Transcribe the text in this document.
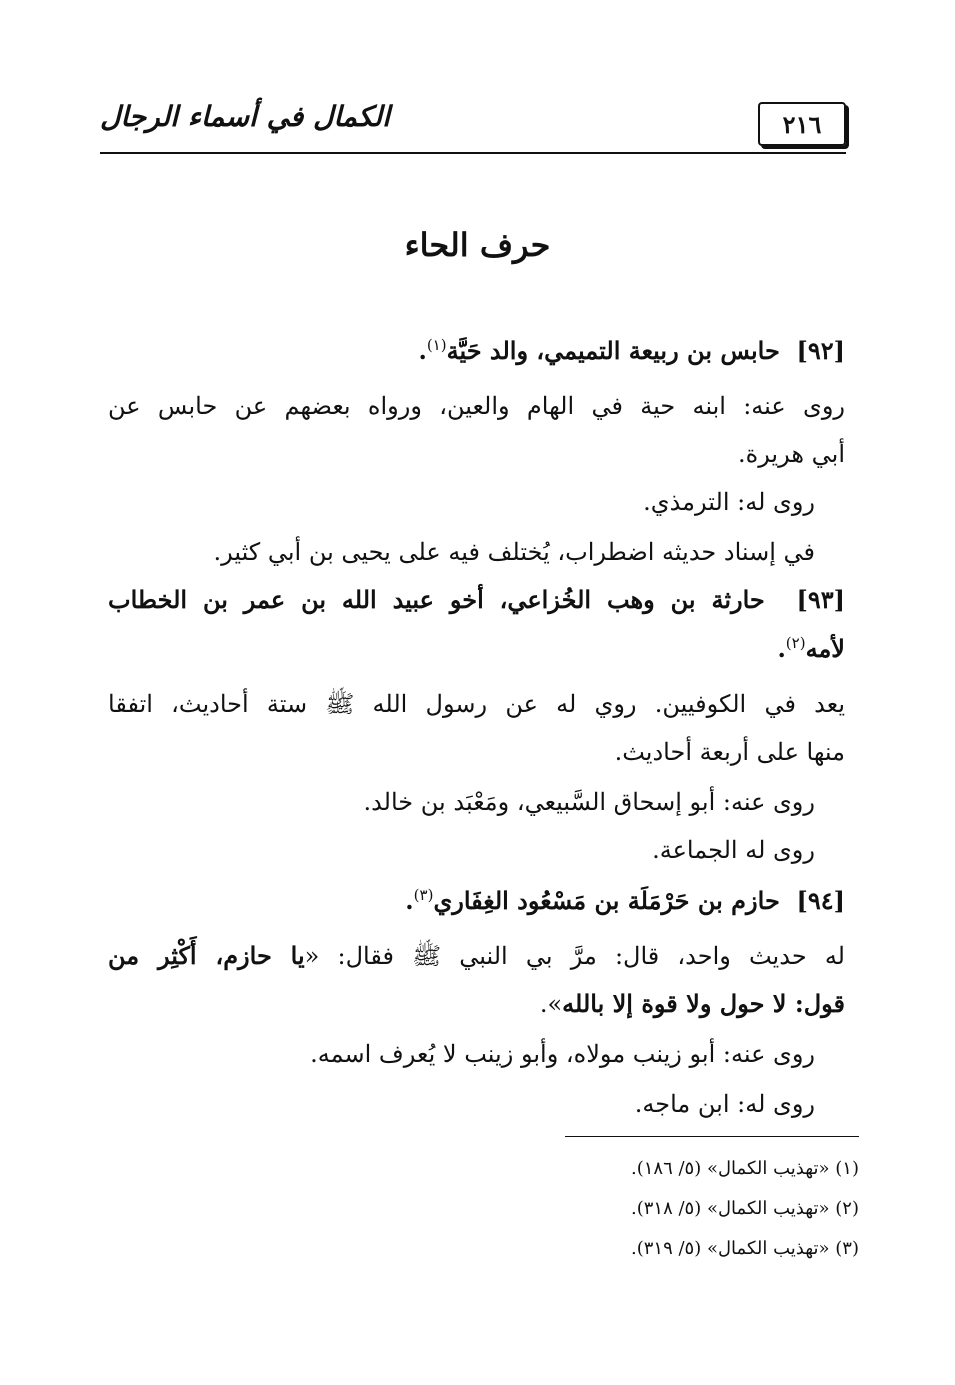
٢١٦
الكمال في أسماء الرجال
حرف الحاء
[٩٢]  حابس بن ربيعة التميمي، والد حَيَّة$^{(١)}$.
روى عنه: ابنه حية في الهام والعين، ورواه بعضهم عن حابس عن
أبي هريرة.
روى له: الترمذي.
في إسناد حديثه اضطراب، يُختلف فيه على يحيى بن أبي كثير.
[٩٣]  حارثة بن وهب الخُزاعي، أخو عبيد الله بن عمر بن الخطاب
لأمه$^{(٢)}$.
يعد في الكوفيين. روي له عن رسول الله ﷺ ستة أحاديث، اتفقا
منها على أربعة أحاديث.
روى عنه: أبو إسحاق السَّبيعي، ومَعْبَد بن خالد.
روى له الجماعة.
[٩٤]  حازم بن حَرْمَلَة بن مَسْعُود الغِفَاري$^{(٣)}$.
له حديث واحد، قال: مرَّ بي النبي ﷺ فقال: «يا حازم، أَكْثِر من
قول: لا حول ولا قوة إلا بالله».
روى عنه: أبو زينب مولاه، وأبو زينب لا يُعرف اسمه.
روى له: ابن ماجه.
(١) «تهذيب الكمال» (٥/ ١٨٦).
(٢) «تهذيب الكمال» (٥/ ٣١٨).
(٣) «تهذيب الكمال» (٥/ ٣١٩).
